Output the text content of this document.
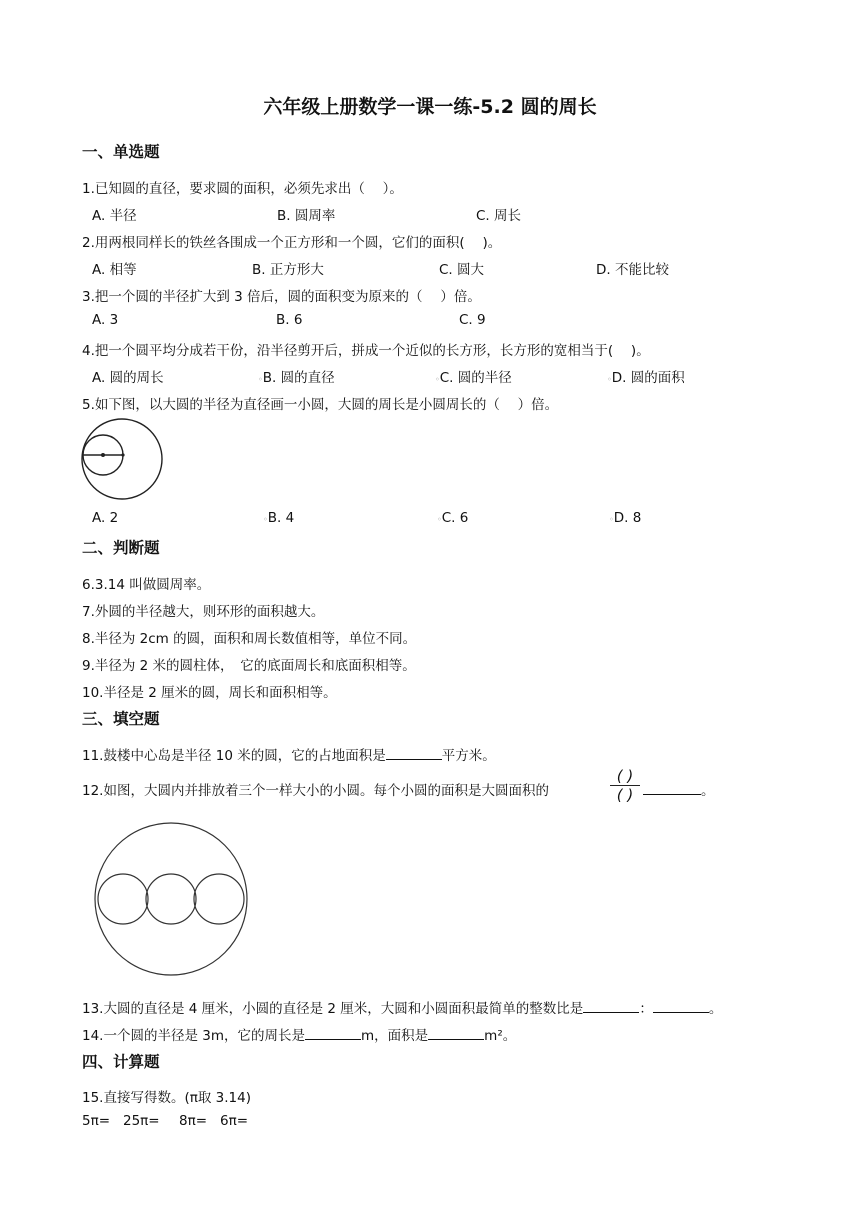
六年级上册数学一课一练-5.2 圆的周长
一、单选题
1.已知圆的直径，要求圆的面积，必须先求出（　 ）。
A. 半径	B. 圆周率	C. 周长
2.用两根同样长的铁丝各围成一个正方形和一个圆，它们的面积(　 )。
A. 相等	B. 正方形大	C. 圆大	D. 不能比较
3.把一个圆的半径扩大到 3 倍后，圆的面积变为原来的（　 ）倍。
A. 3	B. 6	C. 9
4.把一个圆平均分成若干份，沿半径剪开后，拼成一个近似的长方形，长方形的宽相当于(　 )。
A. 圆的周长	◦B. 圆的直径	◦C. 圆的半径	◦D. 圆的面积
5.如下图，以大圆的半径为直径画一小圆，大圆的周长是小圆周长的（　 ）倍。
A. 2	◦B. 4	◦C. 6	◦D. 8
二、判断题
6.3.14 叫做圆周率。
7.外圆的半径越大，则环形的面积越大。
8.半径为 2cm 的圆，面积和周长数值相等，单位不同。
9.半径为 2 米的圆柱体，　它的底面周长和底面积相等。
10.半径是 2 厘米的圆，周长和面积相等。
三、填空题
11.鼓楼中心岛是半径 10 米的圆，它的占地面积是	平方米。
12.如图，大圆内并排放着三个一样大小的小圆。每个小圆的面积是大圆面积的
( )
( )	。
13.大圆的直径是 4 厘米，小圆的直径是 2 厘米，大圆和小圆面积最简单的整数比是	：	。
14.一个圆的半径是 3m，它的周长是	m，面积是	m²。
四、计算题
15.直接写得数。(π取 3.14)
5π= 25π= 8π= 6π=
